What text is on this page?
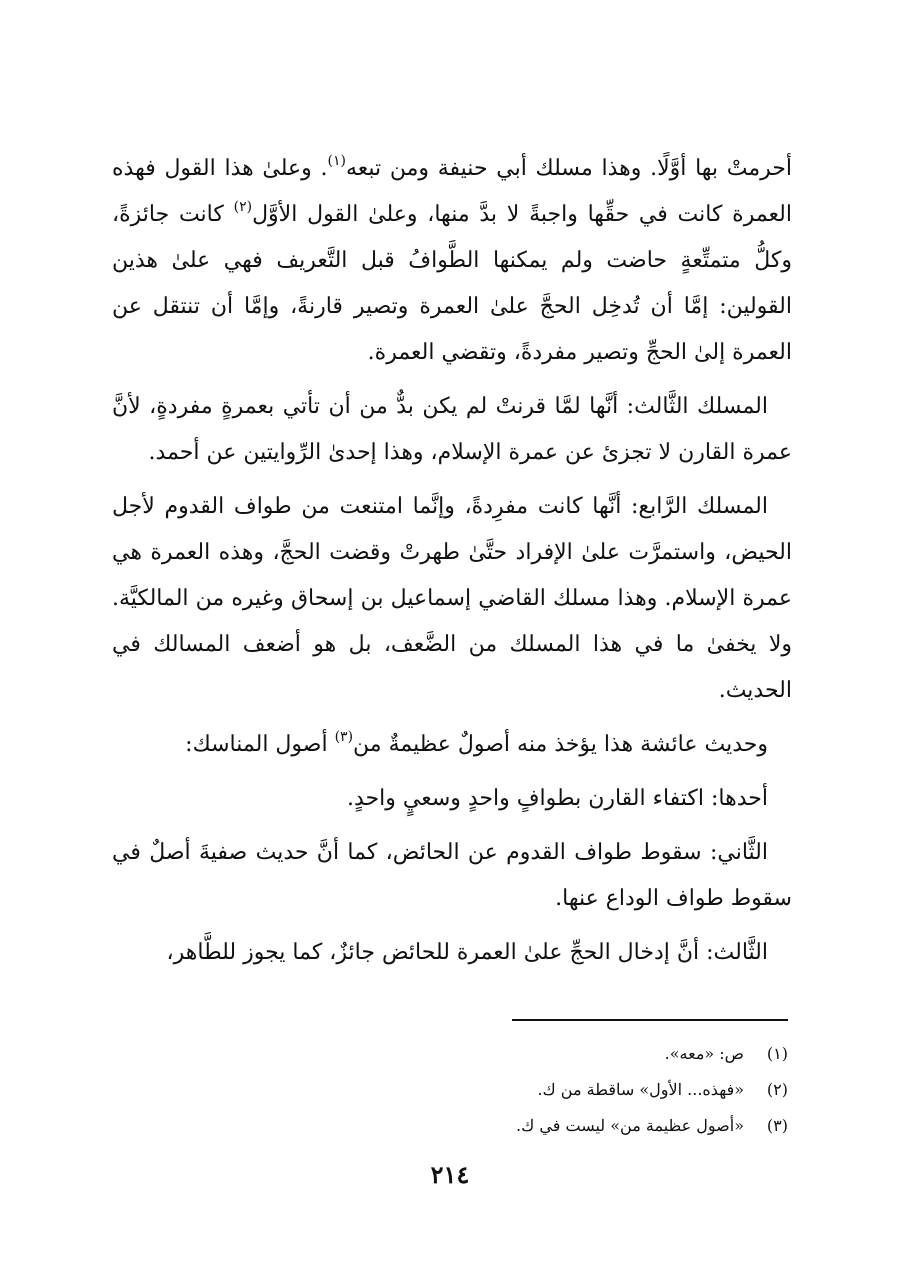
أحرمتْ بها أوَّلًا. وهذا مسلك أبي حنيفة ومن تبعه$^{(١)}$. وعلىٰ هذا القول فهذه العمرة كانت في حقِّها واجبةً لا بدَّ منها، وعلىٰ القول الأوَّل$^{(٢)}$ كانت جائزةً، وكلُّ متمتِّعةٍ حاضت ولم يمكنها الطَّوافُ قبل التَّعريف فهي علىٰ هذين القولين: إمَّا أن تُدخِل الحجَّ علىٰ العمرة وتصير قارنةً، وإمَّا أن تنتقل عن العمرة إلىٰ الحجِّ وتصير مفردةً، وتقضي العمرة.

المسلك الثَّالث: أنَّها لمَّا قرنتْ لم يكن بدٌّ من أن تأتي بعمرةٍ مفردةٍ، لأنَّ عمرة القارن لا تجزئ عن عمرة الإسلام، وهذا إحدىٰ الرِّوايتين عن أحمد.

المسلك الرَّابع: أنَّها كانت مفرِدةً، وإنَّما امتنعت من طواف القدوم لأجل الحيض، واستمرَّت علىٰ الإفراد حتَّىٰ طهرتْ وقضت الحجَّ، وهذه العمرة هي عمرة الإسلام. وهذا مسلك القاضي إسماعيل بن إسحاق وغيره من المالكيَّة. ولا يخفىٰ ما في هذا المسلك من الضَّعف، بل هو أضعف المسالك في الحديث.

وحديث عائشة هذا يؤخذ منه أصولٌ عظيمةٌ من$^{(٣)}$ أصول المناسك:

أحدها: اكتفاء القارن بطوافٍ واحدٍ وسعيٍ واحدٍ.

الثَّاني: سقوط طواف القدوم عن الحائض، كما أنَّ حديث صفيةَ أصلٌ في سقوط طواف الوداع عنها.

الثَّالث: أنَّ إدخال الحجِّ علىٰ العمرة للحائض جائزٌ، كما يجوز للطَّاهر،

(١)
ص: «معه».
(٢)
«فهذه... الأول» ساقطة من ك.
(٣)
«أصول عظيمة من» ليست في ك.
٢١٤
